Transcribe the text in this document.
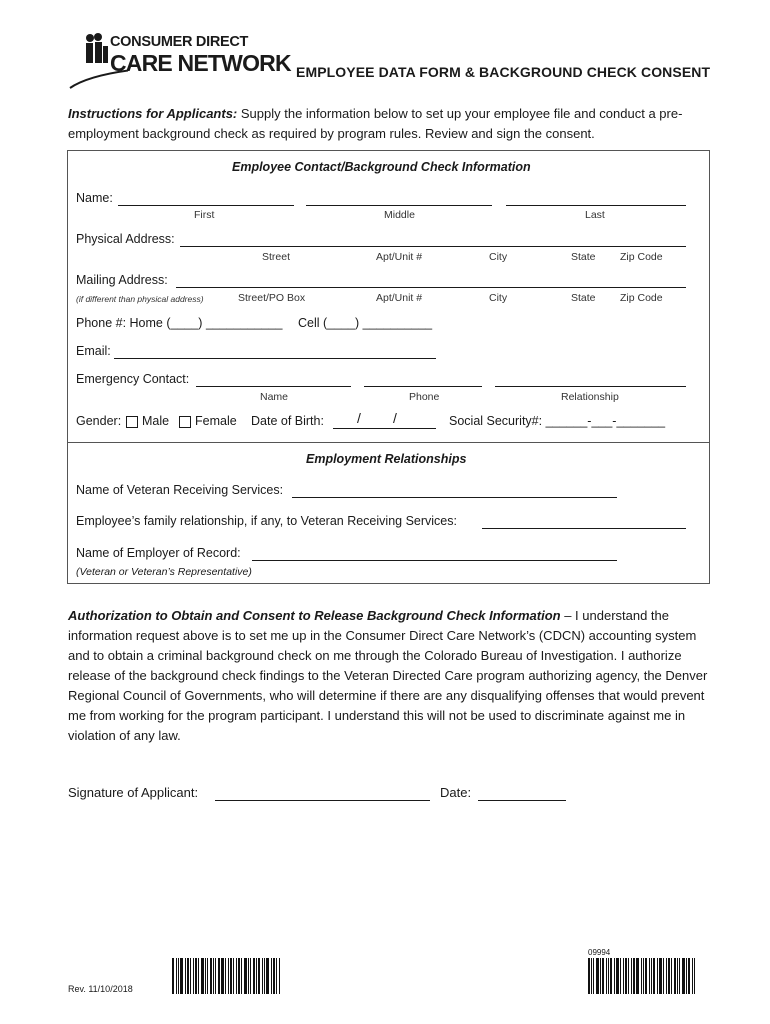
CONSUMER DIRECT
CARE NETWORK EMPLOYEE DATA FORM & BACKGROUND CHECK CONSENT
Instructions for Applicants: Supply the information below to set up your employee file and conduct a pre-employment background check as required by program rules. Review and sign the consent.
Employee Contact/Background Check Information
Name:
First	Middle	Last
Physical Address:
Street	Apt/Unit #	City	State Zip Code
Mailing Address:
(if different than physical address)	Street/PO Box	Apt/Unit #	City	State Zip Code
Phone #: Home (____) ___________ Cell (____) __________
Email:
Emergency Contact:
Name	Phone	Relationship
Gender: Male Female Date of Birth: / /	Social Security#: ______-___-_______
Employment Relationships
Name of Veteran Receiving Services:
Employee’s family relationship, if any, to Veteran Receiving Services:
Name of Employer of Record:
(Veteran or Veteran’s Representative)
Authorization to Obtain and Consent to Release Background Check Information – I understand the information request above is to set me up in the Consumer Direct Care Network’s (CDCN) accounting system and to obtain a criminal background check on me through the Colorado Bureau of Investigation. I authorize release of the background check findings to the Veteran Directed Care program authorizing agency, the Denver Regional Council of Governments, who will determine if there are any disqualifying offenses that would prevent me from working for the program participant. I understand this will not be used to discriminate against me in violation of any law.
Signature of Applicant:	Date:
Rev. 11/10/2018
09994
